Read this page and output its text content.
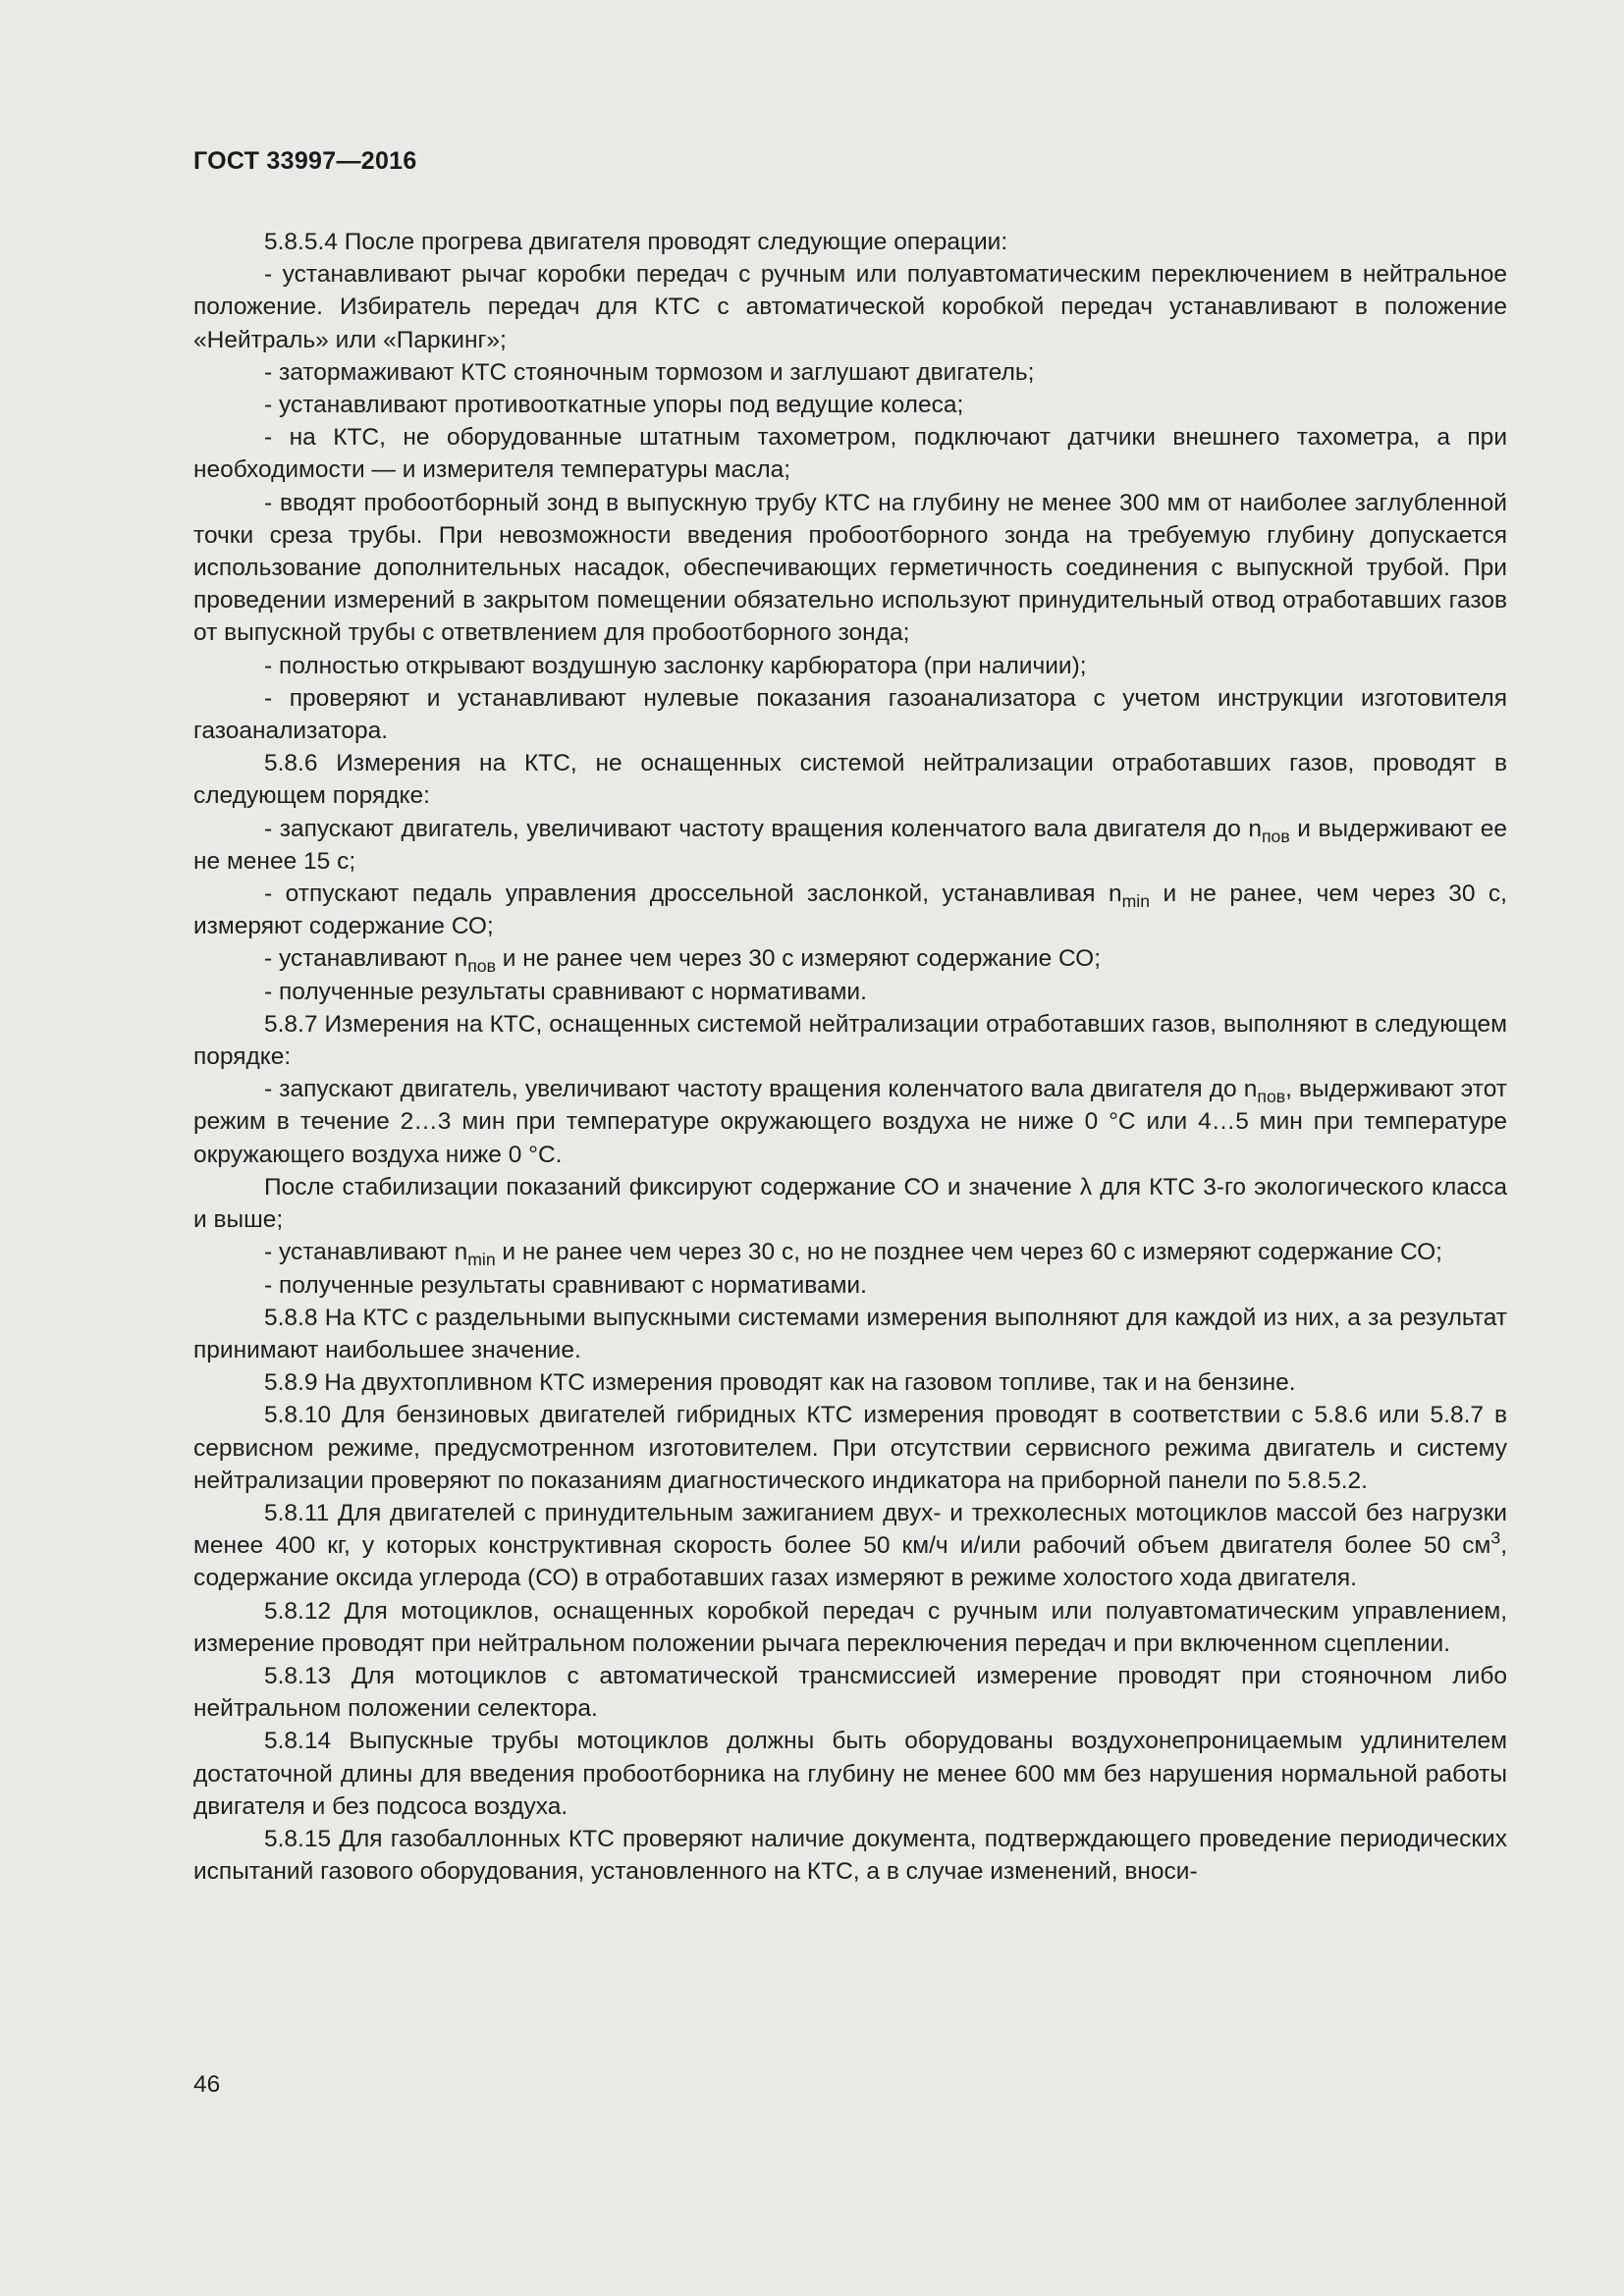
ГОСТ 33997—2016

5.8.5.4 После прогрева двигателя проводят следующие операции:

- устанавливают рычаг коробки передач с ручным или полуавтоматическим переключением в нейтральное положение. Избиратель передач для КТС с автоматической коробкой передач устанавливают в положение «Нейтраль» или «Паркинг»;

- затормаживают КТС стояночным тормозом и заглушают двигатель;

- устанавливают противооткатные упоры под ведущие колеса;

- на КТС, не оборудованные штатным тахометром, подключают датчики внешнего тахометра, а при необходимости — и измерителя температуры масла;

- вводят пробоотборный зонд в выпускную трубу КТС на глубину не менее 300 мм от наиболее заглубленной точки среза трубы. При невозможности введения пробоотборного зонда на требуемую глубину допускается использование дополнительных насадок, обеспечивающих герметичность соединения с выпускной трубой. При проведении измерений в закрытом помещении обязательно используют принудительный отвод отработавших газов от выпускной трубы с ответвлением для пробоотборного зонда;

- полностью открывают воздушную заслонку карбюратора (при наличии);

- проверяют и устанавливают нулевые показания газоанализатора с учетом инструкции изготовителя газоанализатора.

5.8.6 Измерения на КТС, не оснащенных системой нейтрализации отработавших газов, проводят в следующем порядке:

- запускают двигатель, увеличивают частоту вращения коленчатого вала двигателя до $n_{пов}$ и выдерживают ее не менее 15 с;

- отпускают педаль управления дроссельной заслонкой, устанавливая $n_{min}$ и не ранее, чем через 30 с, измеряют содержание СО;

- устанавливают $n_{пов}$ и не ранее чем через 30 с измеряют содержание СО;

- полученные результаты сравнивают с нормативами.

5.8.7 Измерения на КТС, оснащенных системой нейтрализации отработавших газов, выполняют в следующем порядке:

- запускают двигатель, увеличивают частоту вращения коленчатого вала двигателя до $n_{пов}$, выдерживают этот режим в течение 2…3 мин при температуре окружающего воздуха не ниже 0 °С или 4…5 мин при температуре окружающего воздуха ниже 0 °С.

После стабилизации показаний фиксируют содержание СО и значение λ для КТС 3-го экологического класса и выше;

- устанавливают $n_{min}$ и не ранее чем через 30 с, но не позднее чем через 60 с измеряют содержание СО;

- полученные результаты сравнивают с нормативами.

5.8.8 На КТС с раздельными выпускными системами измерения выполняют для каждой из них, а за результат принимают наибольшее значение.

5.8.9 На двухтопливном КТС измерения проводят как на газовом топливе, так и на бензине.

5.8.10 Для бензиновых двигателей гибридных КТС измерения проводят в соответствии с 5.8.6 или 5.8.7 в сервисном режиме, предусмотренном изготовителем. При отсутствии сервисного режима двигатель и систему нейтрализации проверяют по показаниям диагностического индикатора на приборной панели по 5.8.5.2.

5.8.11 Для двигателей с принудительным зажиганием двух- и трехколесных мотоциклов массой без нагрузки менее 400 кг, у которых конструктивная скорость более 50 км/ч и/или рабочий объем двигателя более 50 $см^3$, содержание оксида углерода (СО) в отработавших газах измеряют в режиме холостого хода двигателя.

5.8.12 Для мотоциклов, оснащенных коробкой передач с ручным или полуавтоматическим управлением, измерение проводят при нейтральном положении рычага переключения передач и при включенном сцеплении.

5.8.13 Для мотоциклов с автоматической трансмиссией измерение проводят при стояночном либо нейтральном положении селектора.

5.8.14 Выпускные трубы мотоциклов должны быть оборудованы воздухонепроницаемым удлинителем достаточной длины для введения пробоотборника на глубину не менее 600 мм без нарушения нормальной работы двигателя и без подсоса воздуха.

5.8.15 Для газобаллонных КТС проверяют наличие документа, подтверждающего проведение периодических испытаний газового оборудования, установленного на КТС, а в случае изменений, вноси-

46
